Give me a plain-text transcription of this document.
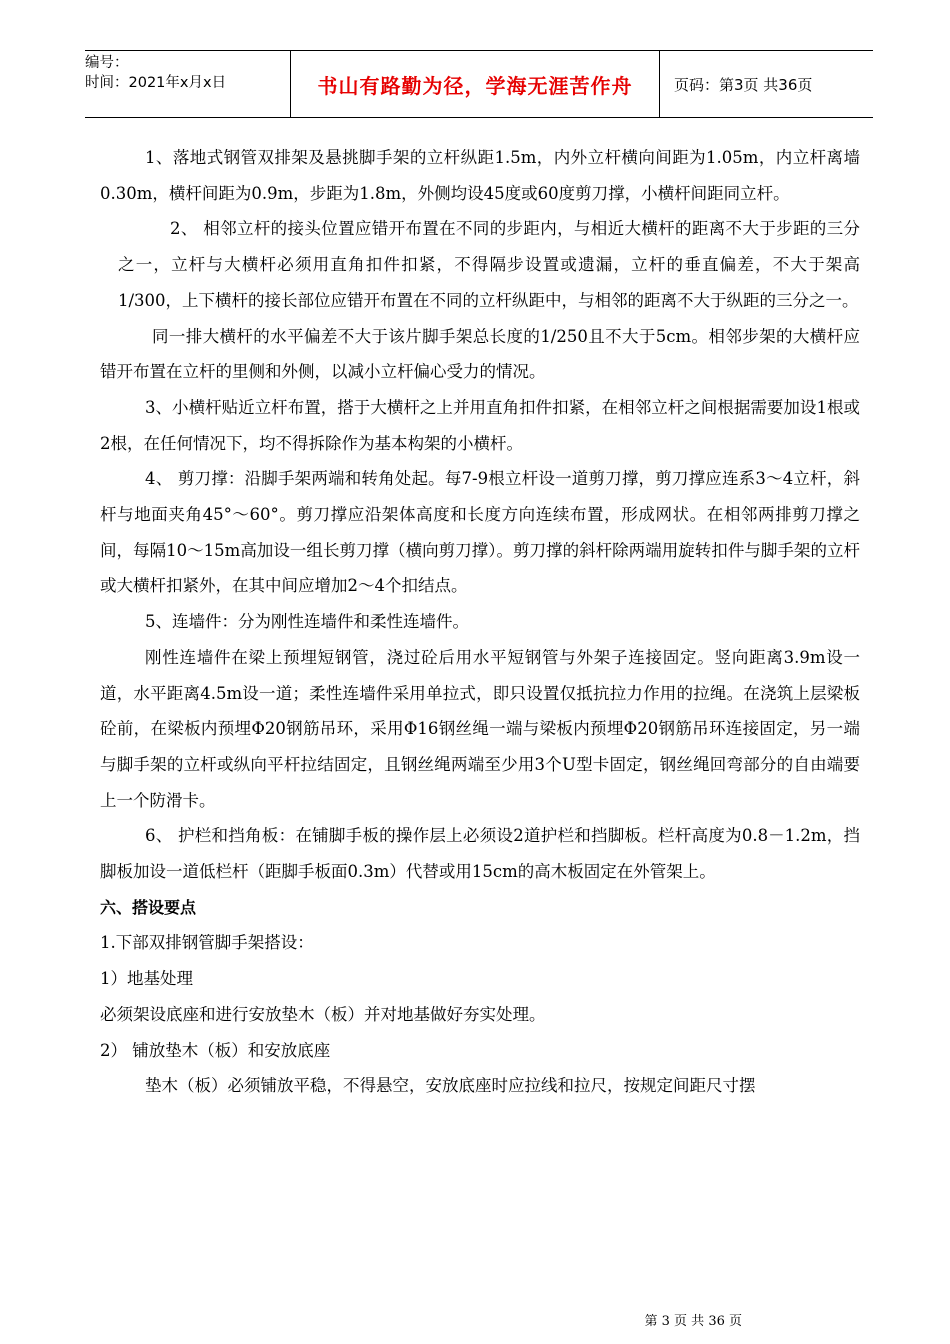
编号：
时间：2021年x月x日	书山有路勤为径，学海无涯苦作舟	页码：第3页 共36页

1、落地式钢管双排架及悬挑脚手架的立杆纵距1.5m，内外立杆横向间距为1.05m，内立杆离墙0.30m，横杆间距为0.9m，步距为1.8m，外侧均设45度或60度剪刀撑，小横杆间距同立杆。

2、 相邻立杆的接头位置应错开布置在不同的步距内，与相近大横杆的距离不大于步距的三分之一，立杆与大横杆必须用直角扣件扣紧，不得隔步设置或遗漏，立杆的垂直偏差，不大于架高1/300，上下横杆的接长部位应错开布置在不同的立杆纵距中，与相邻的距离不大于纵距的三分之一。

同一排大横杆的水平偏差不大于该片脚手架总长度的1/250且不大于5cm。相邻步架的大横杆应错开布置在立杆的里侧和外侧，以减小立杆偏心受力的情况。

3、小横杆贴近立杆布置，搭于大横杆之上并用直角扣件扣紧，在相邻立杆之间根据需要加设1根或2根，在任何情况下，均不得拆除作为基本构架的小横杆。

4、 剪刀撑：沿脚手架两端和转角处起。每7-9根立杆设一道剪刀撑，剪刀撑应连系3～4立杆，斜杆与地面夹角45°～60°。剪刀撑应沿架体高度和长度方向连续布置，形成网状。在相邻两排剪刀撑之间，每隔10～15m高加设一组长剪刀撑（横向剪刀撑）。剪刀撑的斜杆除两端用旋转扣件与脚手架的立杆或大横杆扣紧外，在其中间应增加2～4个扣结点。

5、连墙件：分为刚性连墙件和柔性连墙件。

刚性连墙件在梁上预埋短钢管，浇过砼后用水平短钢管与外架子连接固定。竖向距离3.9m设一道，水平距离4.5m设一道；柔性连墙件采用单拉式，即只设置仅抵抗拉力作用的拉绳。在浇筑上层梁板砼前，在梁板内预埋Φ20钢筋吊环，采用Φ16钢丝绳一端与梁板内预埋Φ20钢筋吊环连接固定，另一端与脚手架的立杆或纵向平杆拉结固定，且钢丝绳两端至少用3个U型卡固定，钢丝绳回弯部分的自由端要上一个防滑卡。

6、 护栏和挡角板：在铺脚手板的操作层上必须设2道护栏和挡脚板。栏杆高度为0.8－1.2m，挡脚板加设一道低栏杆（距脚手板面0.3m）代替或用15cm的高木板固定在外管架上。

六、搭设要点

1.下部双排钢管脚手架搭设：

1）地基处理

必须架设底座和进行安放垫木（板）并对地基做好夯实处理。

2） 铺放垫木（板）和安放底座

垫木（板）必须铺放平稳，不得悬空，安放底座时应拉线和拉尺，按规定间距尺寸摆

第 3 页 共 36 页
